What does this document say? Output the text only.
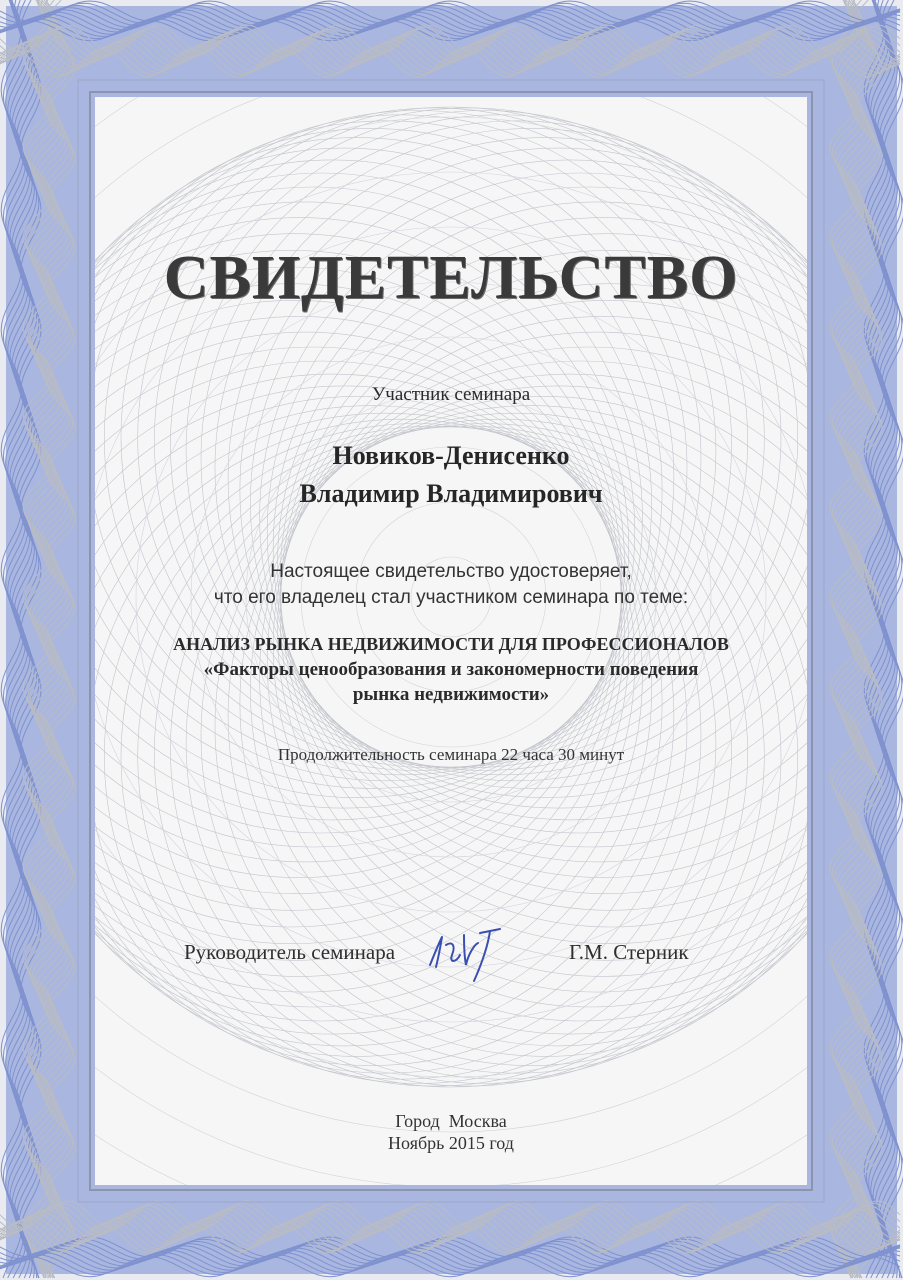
СВИДЕТЕЛЬСТВО
Участник семинара
Новиков-Денисенко
Владимир Владимирович
Настоящее свидетельство удостоверяет,
что его владелец стал участником семинара по теме:
АНАЛИЗ РЫНКА НЕДВИЖИМОСТИ ДЛЯ ПРОФЕССИОНАЛОВ
«Факторы ценообразования и закономерности поведения
рынка недвижимости»
Продолжительность семинара 22 часа 30 минут
Руководитель семинара	Г.М. Стерник
Город  Москва
Ноябрь 2015 год
